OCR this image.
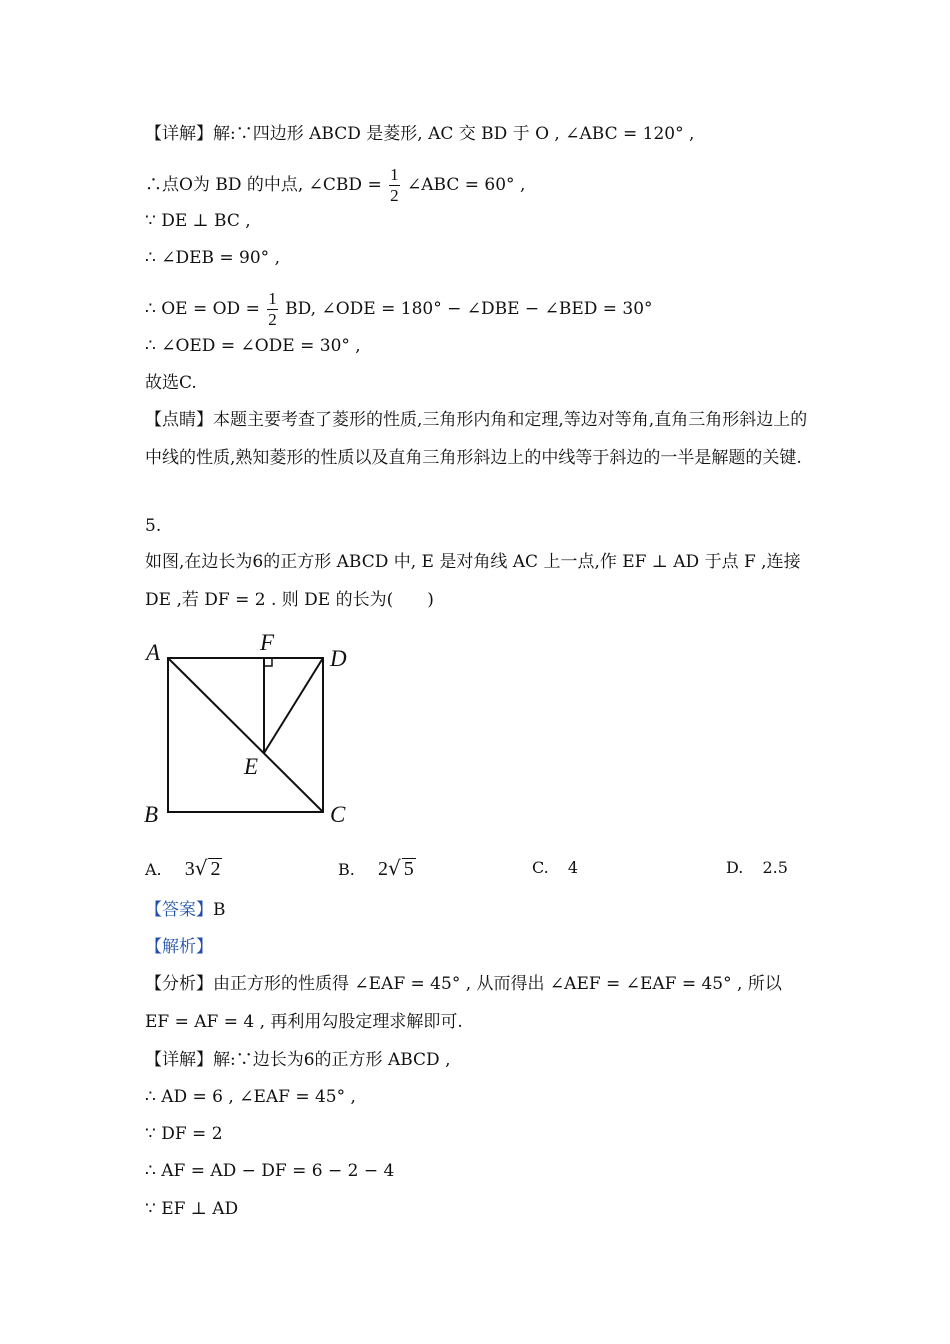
【详解】解:∵四边形 ABCD 是菱形, AC 交 BD 于 O , ∠ABC = 120° ,
∴点O为 BD 的中点, ∠CBD = $\frac{1}{2}$ ∠ABC = 60° ,
∵ DE ⊥ BC ,
∴ ∠DEB = 90° ,
∴ OE = OD = $\frac{1}{2}$ BD, ∠ODE = 180° − ∠DBE − ∠BED = 30°
∴ ∠OED = ∠ODE = 30° ,
故选C.
【点睛】本题主要考查了菱形的性质,三角形内角和定理,等边对等角,直角三角形斜边上的
中线的性质,熟知菱形的性质以及直角三角形斜边上的中线等于斜边的一半是解题的关键.
5.
如图,在边长为6的正方形 ABCD 中, E 是对角线 AC 上一点,作 EF ⊥ AD 于点 F ,连接
DE ,若 DF = 2 . 则 DE 的长为(　　)
A	F
D
E
B	C
A. 3√ 2	B. 2√ 5	C. 4	D. 2.5
【答案】B
【解析】
【分析】由正方形的性质得 ∠EAF = 45° , 从而得出 ∠AEF = ∠EAF = 45° , 所以
EF = AF = 4 , 再利用勾股定理求解即可.
【详解】解:∵边长为6的正方形 ABCD ,
∴ AD = 6 , ∠EAF = 45° ,
∵ DF = 2
∴ AF = AD − DF = 6 − 2 − 4
∵ EF ⊥ AD
